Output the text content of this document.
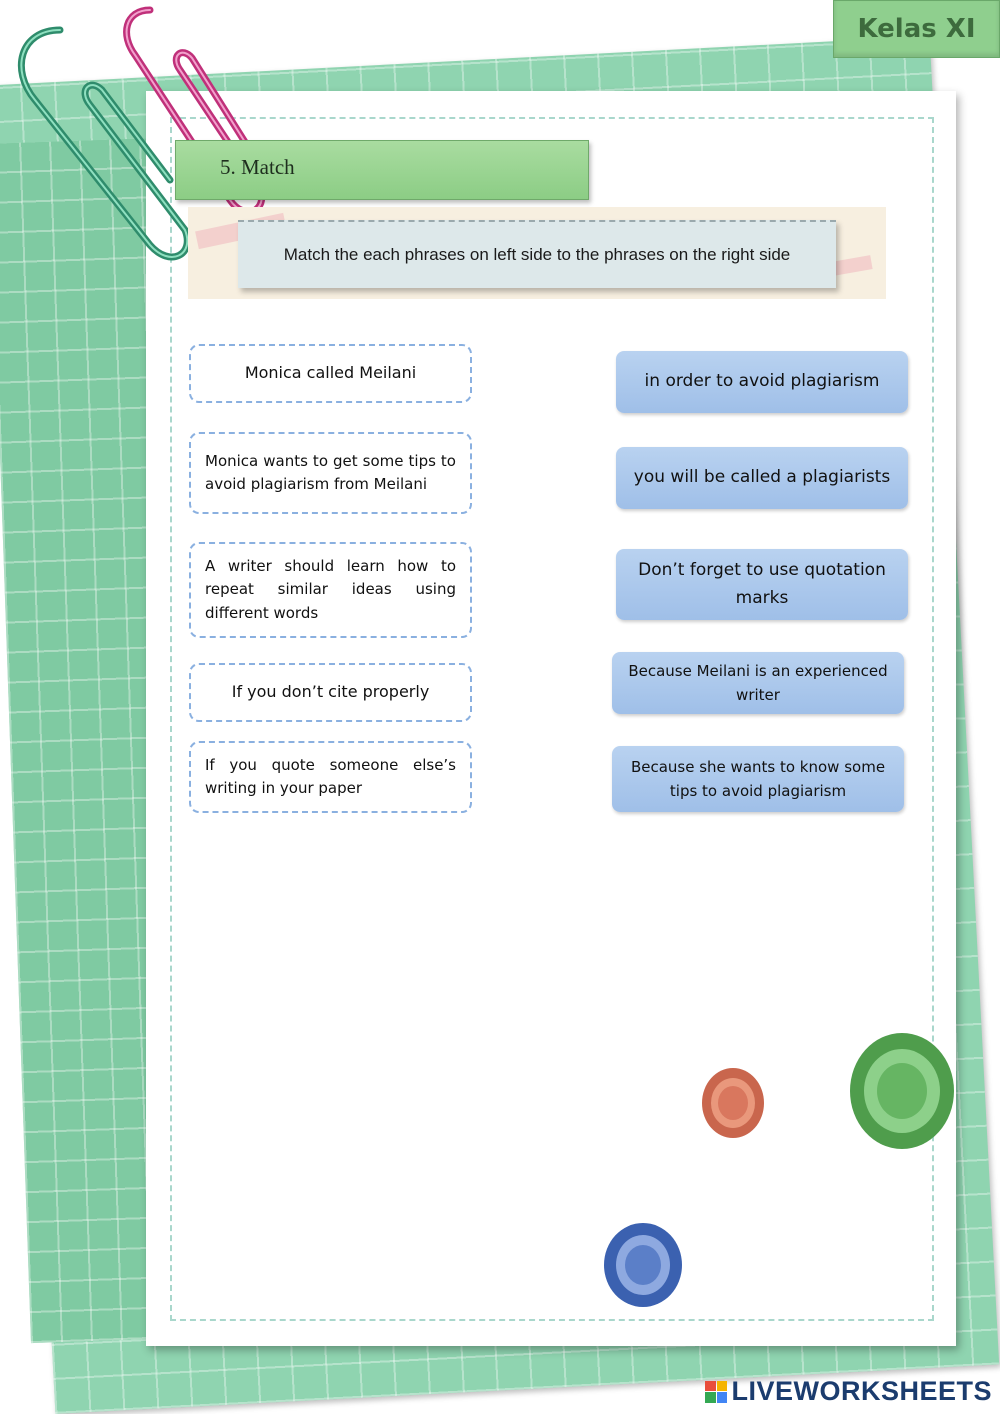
Kelas XI
5. Match
Match the each phrases on left side to the phrases on the right side
Monica called Meilani
Monica wants to get some tips to avoid plagiarism from Meilani
A writer should learn how to repeat similar ideas using different words
If you don’t cite properly
If you quote someone else’s writing in your paper
in order to avoid plagiarism
you will be called a plagiarists
Don’t forget to use quotation marks
Because Meilani is an experienced writer
Because she wants to know some tips to avoid plagiarism
LIVEWORKSHEETS
